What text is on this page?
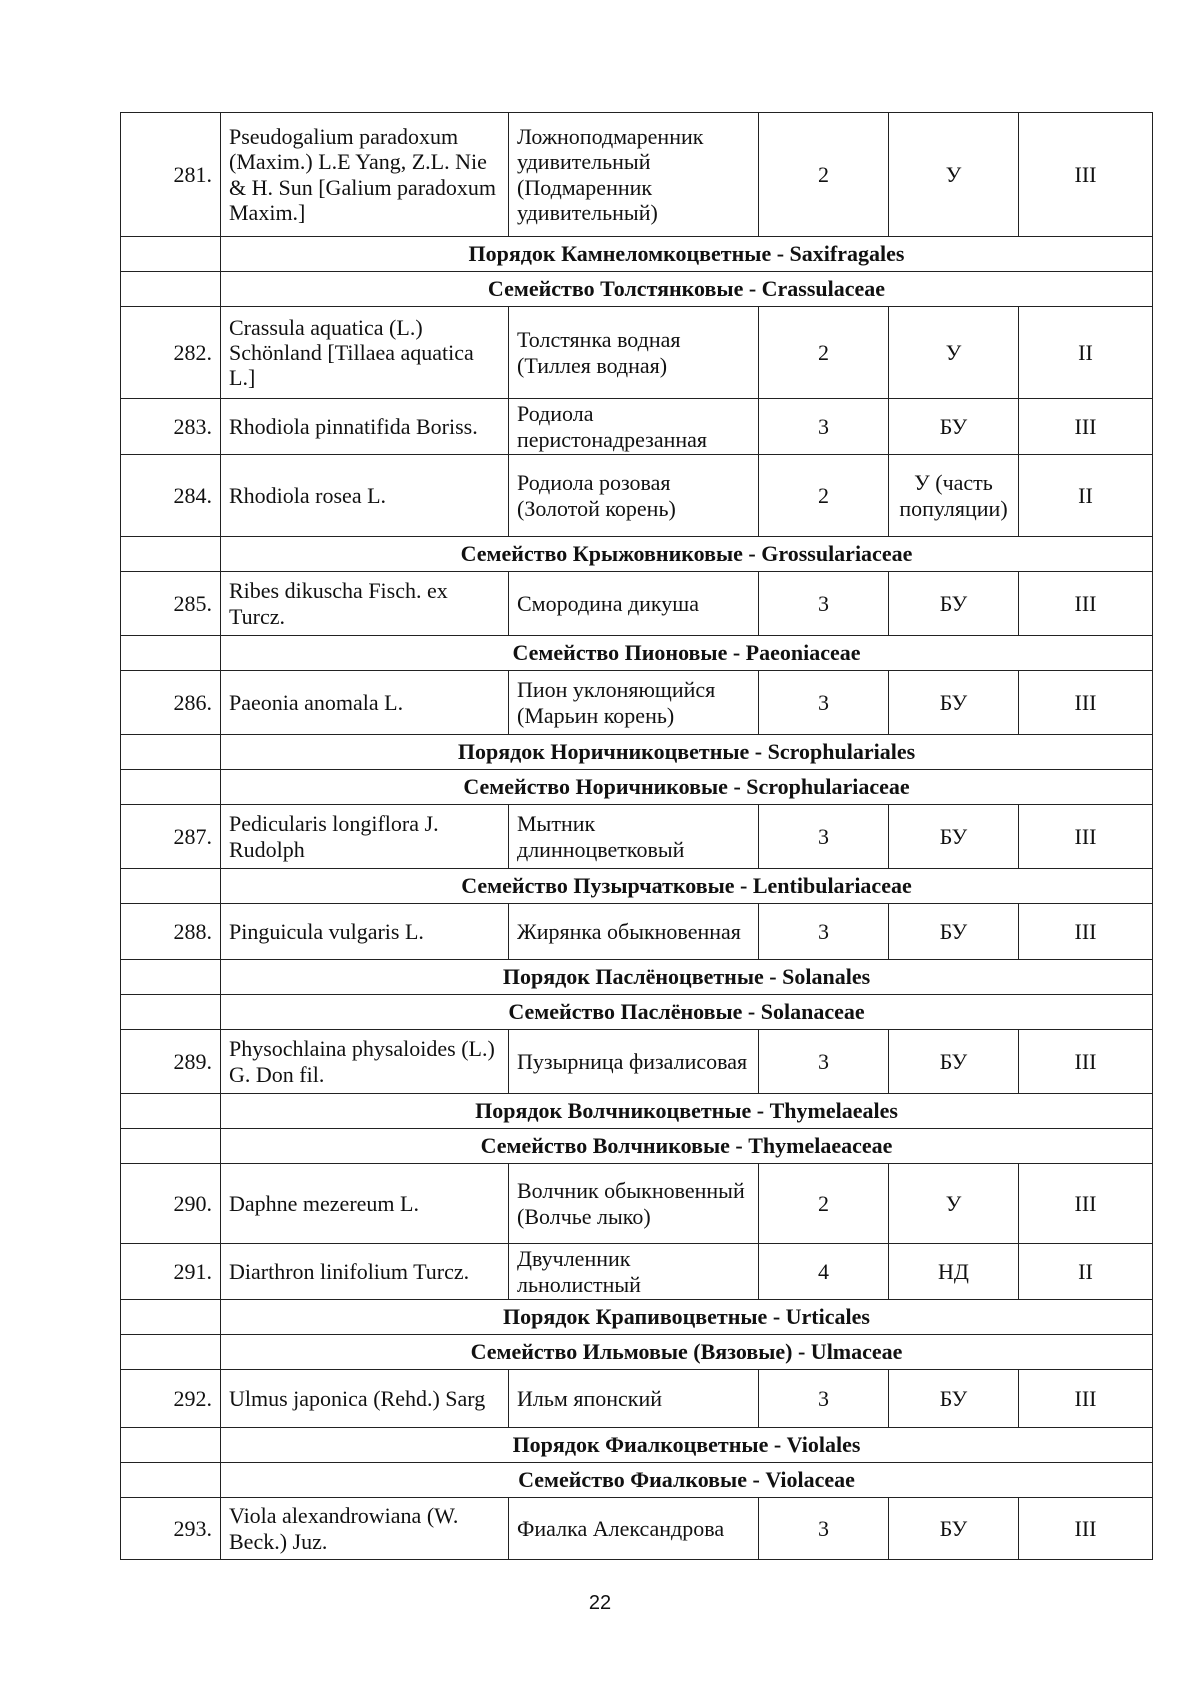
281.	Pseudogalium paradoxum (Maxim.) L.E Yang, Z.L. Nie & H. Sun [Galium paradoxum Maxim.]	Ложноподмаренник удивительный (Подмаренник удивительный)	2	У	III
	Порядок Камнеломкоцветные - Saxifragales				
	Семейство Толстянковые - Crassulaceae				
282.	Crassula aquatica (L.) Schönland [Tillaea aquatica L.]	Толстянка водная (Тиллея водная)	2	У	II
283.	Rhodiola pinnatifida Boriss.	Родиола перистонадрезанная	3	БУ	III
284.	Rhodiola rosea L.	Родиола розовая (Золотой корень)	2	У (часть популяции)	II
	Семейство Крыжовниковые - Grossulariaceae				
285.	Ribes dikuscha Fisch. ex Turcz.	Смородина дикуша	3	БУ	III
	Семейство Пионовые - Paeoniaceae				
286.	Paeonia anomala L.	Пион уклоняющийся (Марьин корень)	3	БУ	III
	Порядок Норичникоцветные - Scrophulariales				
	Семейство Норичниковые - Scrophulariaceae				
287.	Pedicularis longiflora J. Rudolph	Мытник длинноцветковый	3	БУ	III
	Семейство Пузырчатковые - Lentibulariaceae				
288.	Pinguicula vulgaris L.	Жирянка обыкновенная	3	БУ	III
	Порядок Паслёноцветные - Solanales				
	Семейство Паслёновые - Solanaceae				
289.	Physochlaina physaloides (L.) G. Don fil.	Пузырница физалисовая	3	БУ	III
	Порядок Волчникоцветные - Thymelaeales				
	Семейство Волчниковые - Thymelaeaceae				
290.	Daphne mezereum L.	Волчник обыкновенный (Волчье лыко)	2	У	III
291.	Diarthron linifolium Turcz.	Двучленник льнолистный	4	НД	II
	Порядок Крапивоцветные - Urticales				
	Семейство Ильмовые (Вязовые) - Ulmaceae				
292.	Ulmus japonica (Rehd.) Sarg	Ильм японский	3	БУ	III
	Порядок Фиалкоцветные - Violales				
	Семейство Фиалковые - Violaceae				
293.	Viola alexandrowiana (W. Beck.) Juz.	Фиалка Александрова	3	БУ	III
22
